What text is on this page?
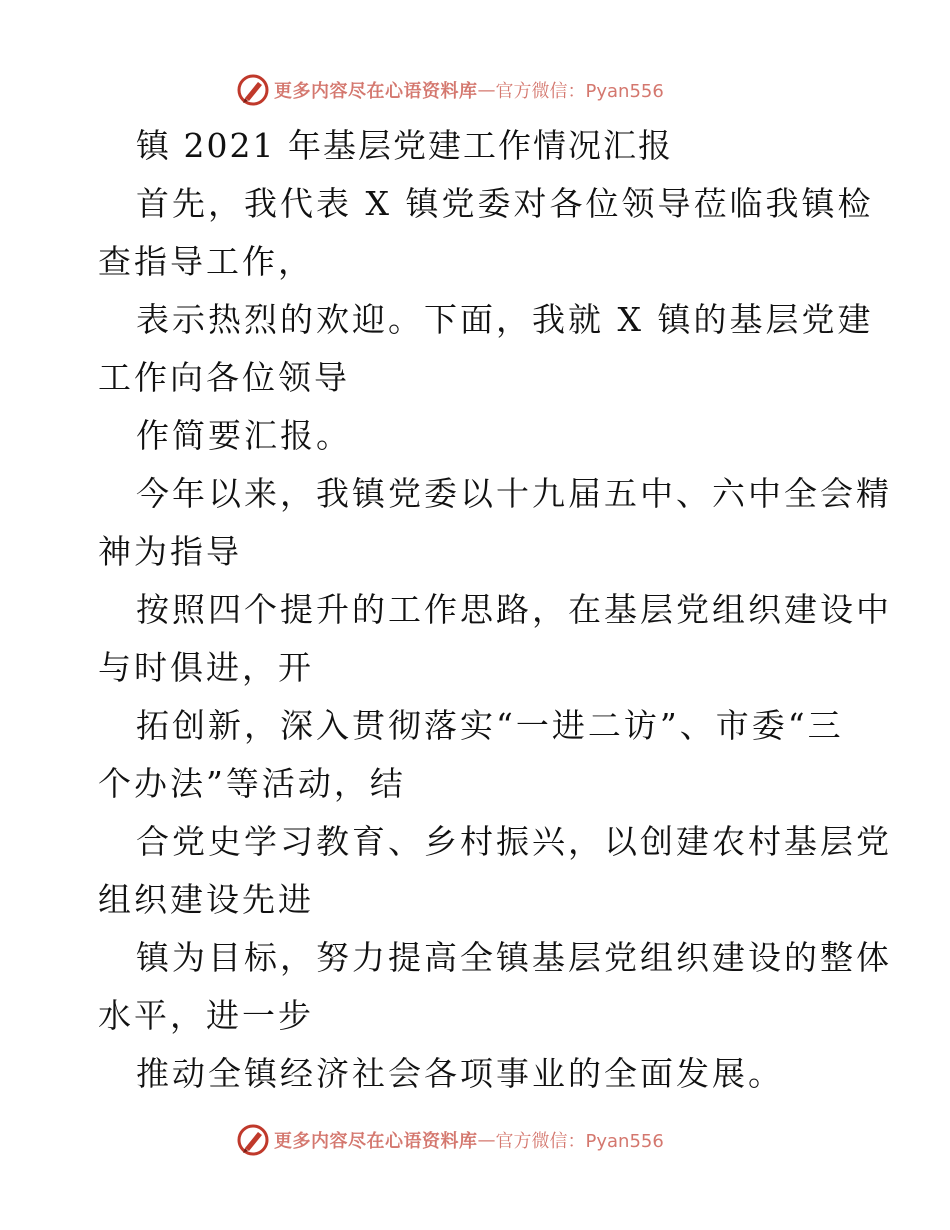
更多内容尽在心语资料库 — 官方微信：Pyan556
镇 2021 年基层党建工作情况汇报
首先，我代表 X 镇党委对各位领导莅临我镇检
查指导工作，
表示热烈的欢迎。下面，我就 X 镇的基层党建
工作向各位领导
作简要汇报。
今年以来，我镇党委以十九届五中、六中全会精
神为指导
按照四个提升的工作思路，在基层党组织建设中
与时俱进，开
拓创新，深入贯彻落实“一进二访”、市委“三
个办法”等活动，结
合党史学习教育、乡村振兴，以创建农村基层党
组织建设先进
镇为目标，努力提高全镇基层党组织建设的整体
水平，进一步
推动全镇经济社会各项事业的全面发展。
更多内容尽在心语资料库 — 官方微信：Pyan556
